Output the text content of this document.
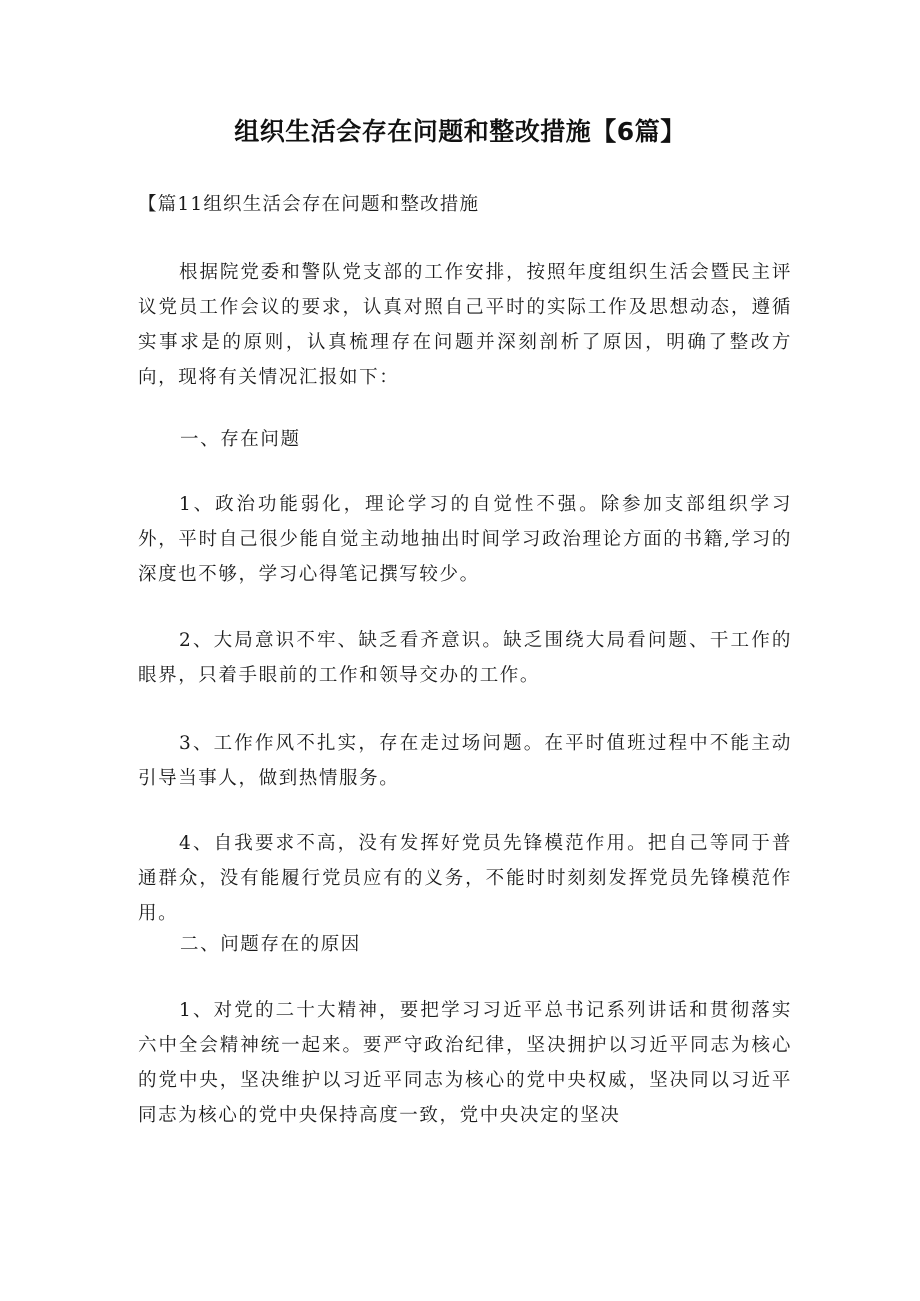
组织生活会存在问题和整改措施【6篇】

【篇11组织生活会存在问题和整改措施

根据院党委和警队党支部的工作安排，按照年度组织生活会暨民主评议党员工作会议的要求，认真对照自己平时的实际工作及思想动态，遵循实事求是的原则，认真梳理存在问题并深刻剖析了原因，明确了整改方向，现将有关情况汇报如下：

一、存在问题

1、政治功能弱化，理论学习的自觉性不强。除参加支部组织学习外，平时自己很少能自觉主动地抽出时间学习政治理论方面的书籍,学习的深度也不够，学习心得笔记撰写较少。

2、大局意识不牢、缺乏看齐意识。缺乏围绕大局看问题、干工作的眼界，只着手眼前的工作和领导交办的工作。

3、工作作风不扎实，存在走过场问题。在平时值班过程中不能主动引导当事人，做到热情服务。

4、自我要求不高，没有发挥好党员先锋模范作用。把自己等同于普通群众，没有能履行党员应有的义务，不能时时刻刻发挥党员先锋模范作用。

二、问题存在的原因

1、对党的二十大精神，要把学习习近平总书记系列讲话和贯彻落实六中全会精神统一起来。要严守政治纪律，坚决拥护以习近平同志为核心的党中央，坚决维护以习近平同志为核心的党中央权威，坚决同以习近平同志为核心的党中央保持高度一致，党中央决定的坚决
